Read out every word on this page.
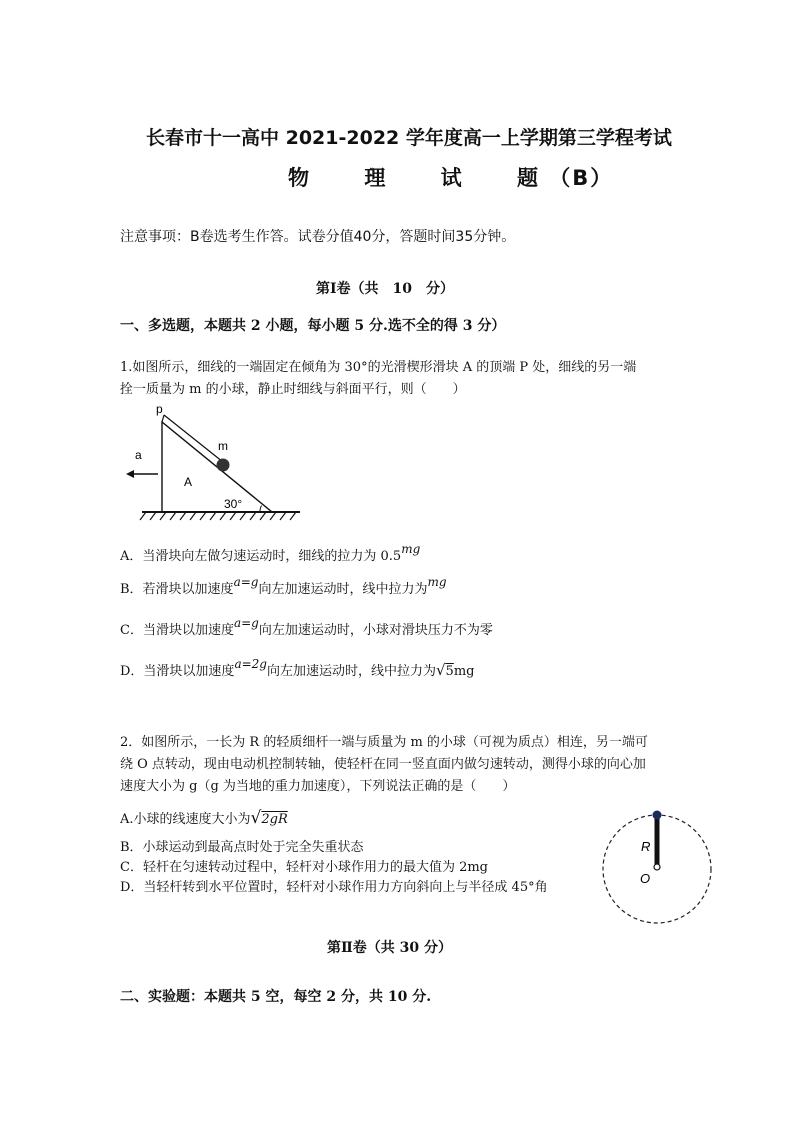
长春市十一高中 2021-2022 学年度高一上学期第三学程考试
物	理	试	题 （B）
注意事项：B卷选考生作答。试卷分值40分，答题时间35分钟。
第Ⅰ卷（共　10　分）
一、多选题，本题共 2 小题，每小题 5 分.选不全的得 3 分）
1.如图所示，细线的一端固定在倾角为 30°的光滑楔形滑块 A 的顶端 P 处，细线的另一端
拴一质量为 m 的小球，静止时细线与斜面平行，则（　　）
p
m
a
A
30°
A．当滑块向左做匀速运动时，细线的拉力为 0.5mg
B．若滑块以加速度a=g向左加速运动时，线中拉力为mg
C．当滑块以加速度a=g向左加速运动时，小球对滑块压力不为零
D．当滑块以加速度a=2g向左加速运动时，线中拉力为√5mg
2．如图所示，一长为 R 的轻质细杆一端与质量为 m 的小球（可视为质点）相连，另一端可
绕 O 点转动，现由电动机控制转轴，使轻杆在同一竖直面内做匀速转动，测得小球的向心加
速度大小为 g（g 为当地的重力加速度），下列说法正确的是（　　）
A.小球的线速度大小为√2gR
B．小球运动到最高点时处于完全失重状态
C．轻杆在匀速转动过程中，轻杆对小球作用力的最大值为 2mg
D．当轻杆转到水平位置时，轻杆对小球作用力方向斜向上与半径成 45°角
R
O
第Ⅱ卷（共 30 分）
二、实验题：本题共 5 空，每空 2 分，共 10 分.
